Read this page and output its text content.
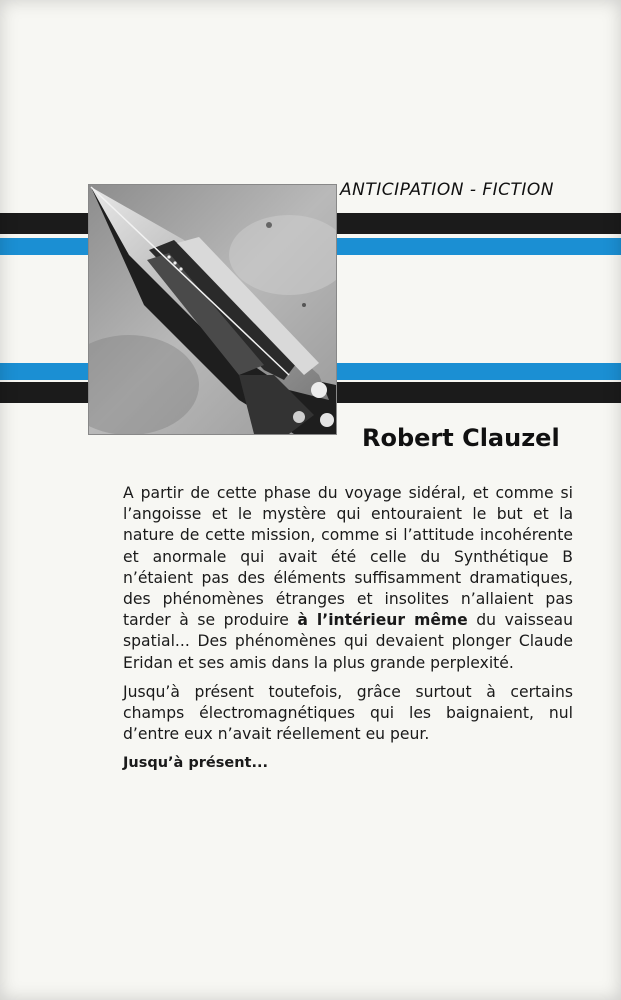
ANTICIPATION - FICTION
Robert Clauzel

A partir de cette phase du voyage sidéral, et comme si l’angoisse et le mystère qui entouraient le but et la nature de cette mission, comme si l’attitude incohérente et anormale qui avait été celle du Synthétique B n’étaient pas des éléments suffisamment dramatiques, des phénomènes étranges et insolites n’allaient pas tarder à se produire à l’intérieur même du vaisseau spatial... Des phénomènes qui devaient plonger Claude Eridan et ses amis dans la plus grande perplexité.

Jusqu’à présent toutefois, grâce surtout à certains champs électromagnétiques qui les baignaient, nul d’entre eux n’avait réellement eu peur.

Jusqu’à présent...
